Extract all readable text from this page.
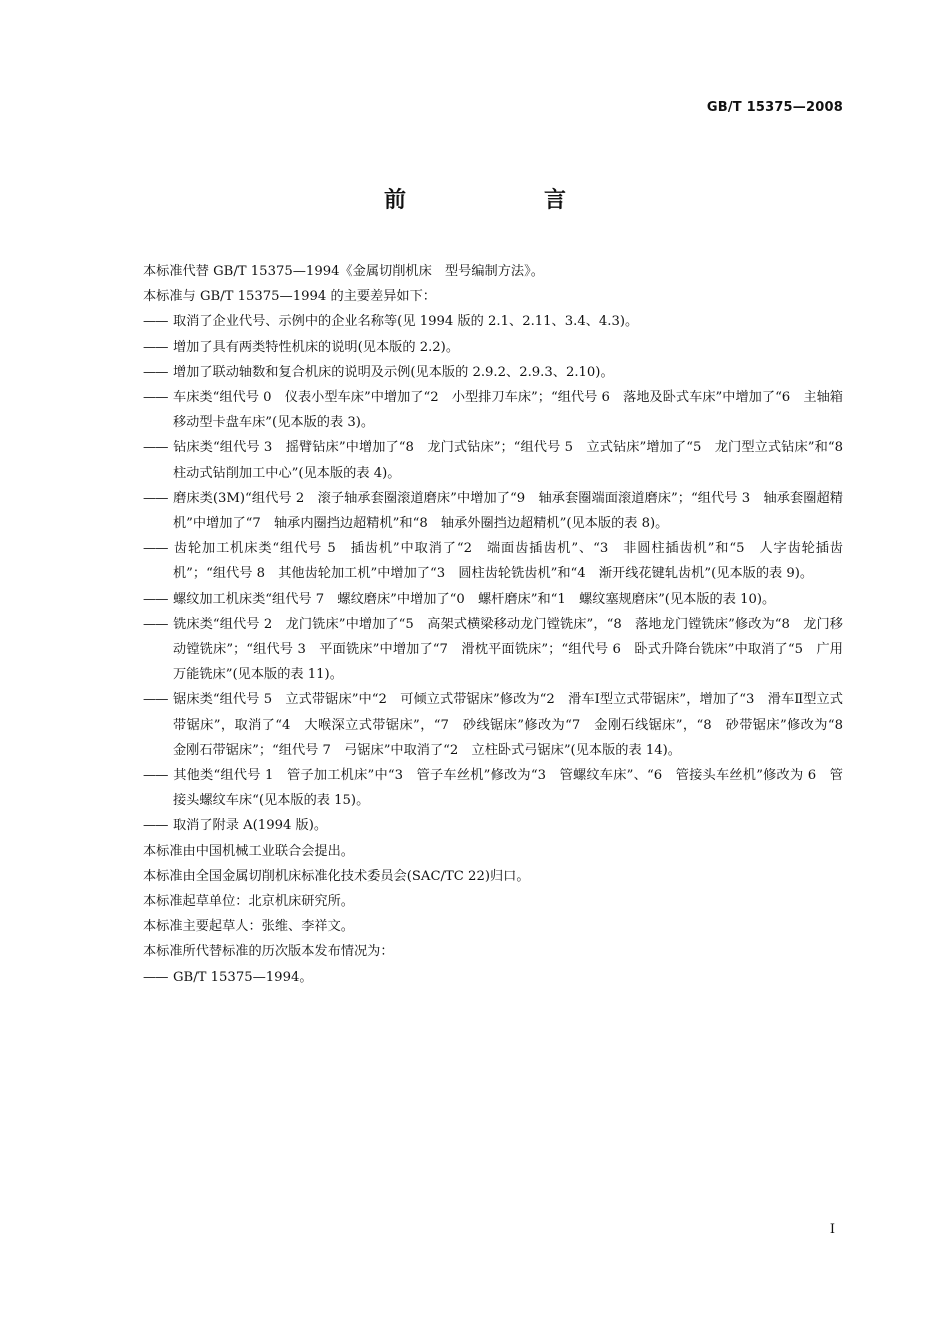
GB/T 15375—2008
前　言

本标准代替 GB/T 15375—1994《金属切削机床　型号编制方法》。

本标准与 GB/T 15375—1994 的主要差异如下：

—— 取消了企业代号、示例中的企业名称等(见 1994 版的 2.1、2.11、3.4、4.3)。

—— 增加了具有两类特性机床的说明(见本版的 2.2)。

—— 增加了联动轴数和复合机床的说明及示例(见本版的 2.9.2、2.9.3、2.10)。

—— 车床类“组代号 0　仪表小型车床”中增加了“2　小型排刀车床”；“组代号 6　落地及卧式车床”中增加了“6　主轴箱移动型卡盘车床”(见本版的表 3)。

—— 钻床类“组代号 3　摇臂钻床”中增加了“8　龙门式钻床”；“组代号 5　立式钻床”增加了“5　龙门型立式钻床”和“8　柱动式钻削加工中心”(见本版的表 4)。

—— 磨床类(3M)“组代号 2　滚子轴承套圈滚道磨床”中增加了“9　轴承套圈端面滚道磨床”；“组代号 3　轴承套圈超精机”中增加了“7　轴承内圈挡边超精机”和“8　轴承外圈挡边超精机”(见本版的表 8)。

—— 齿轮加工机床类“组代号 5　插齿机”中取消了“2　端面齿插齿机”、“3　非圆柱插齿机”和“5　人字齿轮插齿机”；“组代号 8　其他齿轮加工机”中增加了“3　圆柱齿轮铣齿机”和“4　渐开线花键轧齿机”(见本版的表 9)。

—— 螺纹加工机床类“组代号 7　螺纹磨床”中增加了“0　螺杆磨床”和“1　螺纹塞规磨床”(见本版的表 10)。

—— 铣床类“组代号 2　龙门铣床”中增加了“5　高架式横梁移动龙门镗铣床”，“8　落地龙门镗铣床”修改为“8　龙门移动镗铣床”；“组代号 3　平面铣床”中增加了“7　滑枕平面铣床”；“组代号 6　卧式升降台铣床”中取消了“5　广用万能铣床”(见本版的表 11)。

—— 锯床类“组代号 5　立式带锯床”中“2　可倾立式带锯床”修改为“2　滑车Ⅰ型立式带锯床”，增加了“3　滑车Ⅱ型立式带锯床”，取消了“4　大喉深立式带锯床”，“7　砂线锯床”修改为“7　金刚石线锯床”，“8　砂带锯床”修改为“8　金刚石带锯床”；“组代号 7　弓锯床”中取消了“2　立柱卧式弓锯床”(见本版的表 14)。

—— 其他类“组代号 1　管子加工机床”中“3　管子车丝机”修改为“3　管螺纹车床”、“6　管接头车丝机”修改为 6　管接头螺纹车床“(见本版的表 15)。

—— 取消了附录 A(1994 版)。

本标准由中国机械工业联合会提出。

本标准由全国金属切削机床标准化技术委员会(SAC/TC 22)归口。

本标准起草单位：北京机床研究所。

本标准主要起草人：张维、李祥文。

本标准所代替标准的历次版本发布情况为：

—— GB/T 15375—1994。

I
